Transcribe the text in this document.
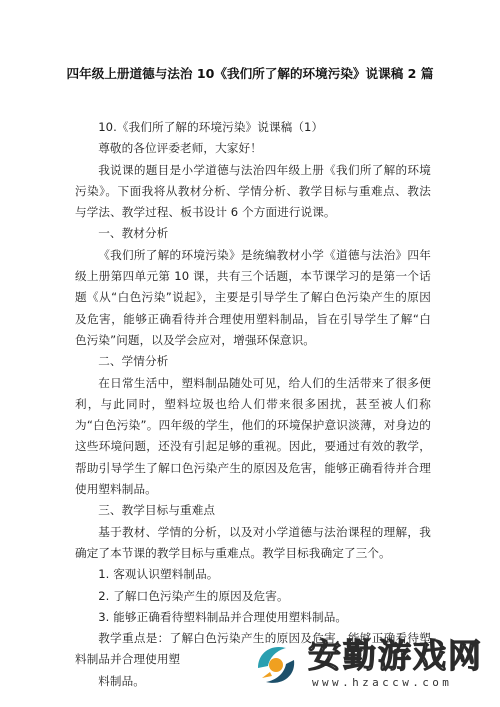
四年级上册道德与法治 10《我们所了解的环境污染》说课稿 2 篇

10.《我们所了解的环境污染》说课稿（1）

尊敬的各位评委老师，大家好！

我说课的题目是小学道德与法治四年级上册《我们所了解的环境污染》。下面我将从教材分析、学情分析、教学目标与重难点、教法与学法、教学过程、板书设计 6 个方面进行说课。

一、教材分析

《我们所了解的环境污染》是统编教材小学《道德与法治》四年级上册第四单元第 10 课，共有三个话题，本节课学习的是第一个话题《从“白色污染”说起》，主要是引导学生了解白色污染产生的原因及危害，能够正确看待并合理使用塑料制品，旨在引导学生了解“白色污染”问题，以及学会应对，增强环保意识。

二、学情分析

在日常生活中，塑料制品随处可见，给人们的生活带来了很多便利，与此同时，塑料垃圾也给人们带来很多困扰，甚至被人们称为“白色污染”。四年级的学生，他们的环境保护意识淡薄，对身边的这些环境问题，还没有引起足够的重视。因此，要通过有效的教学，帮助引导学生了解口色污染产生的原因及危害，能够正确看待并合理使用塑料制品。

三、教学目标与重难点

基于教材、学情的分析，以及对小学道德与法治课程的理解，我确定了本节课的教学目标与重难点。教学目标我确定了三个。

1. 客观认识塑料制品。

2. 了解口色污染产生的原因及危害。

3. 能够正确看待塑料制品并合理使用塑料制品。

教学重点是：了解白色污染产生的原因及危害，能够正确看待塑料制品并合理使用塑

料制品。

安勤游戏网
www.hzaccw.com
